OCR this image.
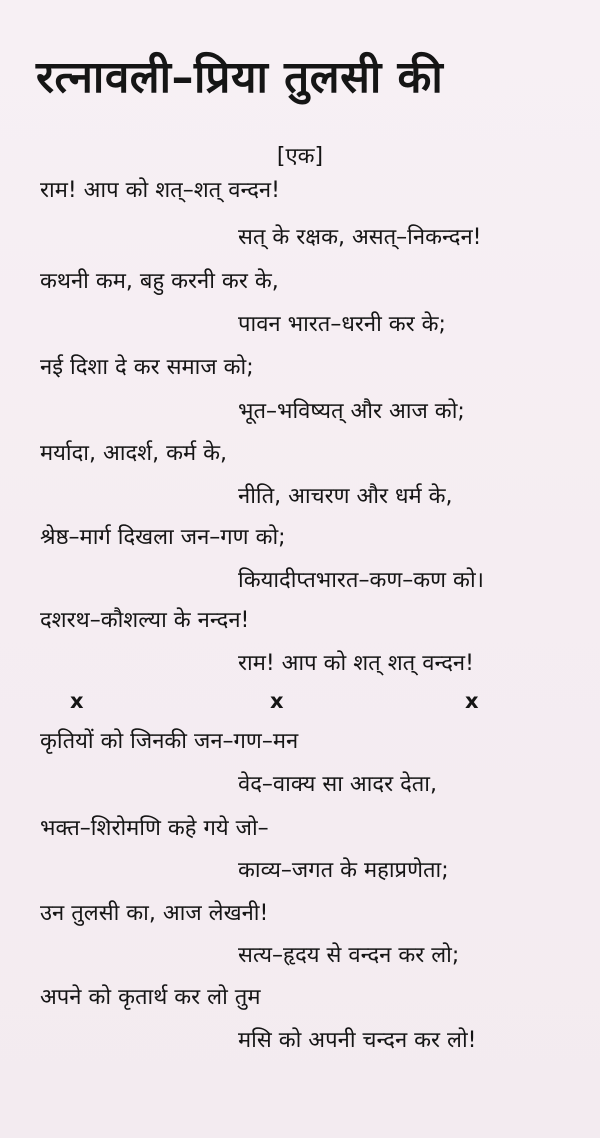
रत्नावली–प्रिया तुलसी की
[एक]
राम! आप को शत्–शत् वन्दन!
सत् के रक्षक, असत्–निकन्दन!
कथनी कम, बहु करनी कर के,
पावन भारत–धरनी कर के;
नई दिशा दे कर समाज को;
भूत–भविष्यत् और आज को;
मर्यादा, आदर्श, कर्म के,
नीति, आचरण और धर्म के,
श्रेष्ठ–मार्ग दिखला जन–गण को;
कियादीप्तभारत–कण–कण को।
दशरथ–कौशल्या के नन्दन!
राम! आप को शत् शत् वन्दन!
x	x	x
कृतियों को जिनकी जन–गण–मन
वेद–वाक्य सा आदर देता,
भक्त–शिरोमणि कहे गये जो–
काव्य–जगत के महाप्रणेता;
उन तुलसी का, आज लेखनी!
सत्य–हृदय से वन्दन कर लो;
अपने को कृतार्थ कर लो तुम
मसि को अपनी चन्दन कर लो!
